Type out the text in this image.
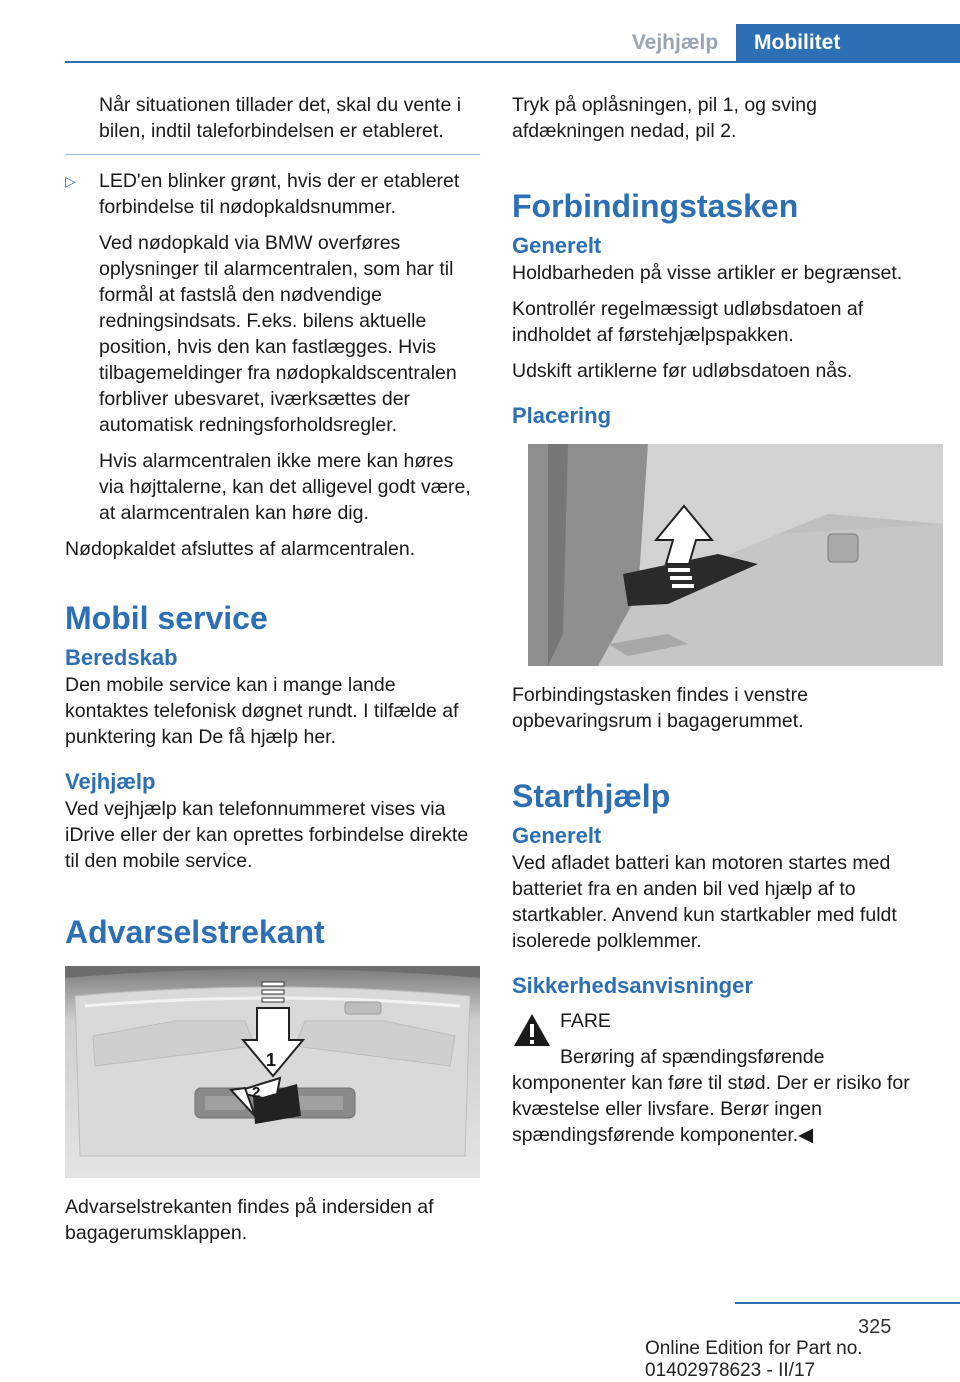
Vejhjælp	Mobilitet

Når situationen tillader det, skal du vente i bilen, indtil taleforbindelsen er etableret.

▷ LED'en blinker grønt, hvis der er etableret forbindelse til nødopkaldsnummer.

Ved nødopkald via BMW overføres oplysninger til alarmcentralen, som har til formål at fastslå den nødvendige redningsindsats. F.eks. bilens aktuelle position, hvis den kan fastlægges. Hvis tilbagemeldinger fra nødopkaldscentralen forbliver ubesvaret, iværksættes der automatisk redningsforholdsregler.

Hvis alarmcentralen ikke mere kan høres via højttalerne, kan det alligevel godt være, at alarmcentralen kan høre dig.

Nødopkaldet afsluttes af alarmcentralen.

Mobil service
Beredskab

Den mobile service kan i mange lande kontaktes telefonisk døgnet rundt. I tilfælde af punktering kan De få hjælp her.

Vejhjælp

Ved vejhjælp kan telefonnummeret vises via iDrive eller der kan oprettes forbindelse direkte til den mobile service.

Advarselstrekant
1
2

Advarselstrekanten findes på indersiden af bagagerumsklappen.

Tryk på oplåsningen, pil 1, og sving afdækningen nedad, pil 2.

Forbindingstasken
Generelt

Holdbarheden på visse artikler er begrænset.

Kontrollér regelmæssigt udløbsdatoen af indholdet af førstehjælpspakken.

Udskift artiklerne før udløbsdatoen nås.

Placering

Forbindingstasken findes i venstre opbevaringsrum i bagagerummet.

Starthjælp
Generelt

Ved afladet batteri kan motoren startes med batteriet fra en anden bil ved hjælp af to startkabler. Anvend kun startkabler med fuldt isolerede polklemmer.

Sikkerhedsanvisninger

FARE

Berøring af spændingsførende komponenter kan føre til stød. Der er risiko for kvæstelse eller livsfare. Berør ingen spændingsførende komponenter.◀

325
Online Edition for Part no. 01402978623 - II/17
